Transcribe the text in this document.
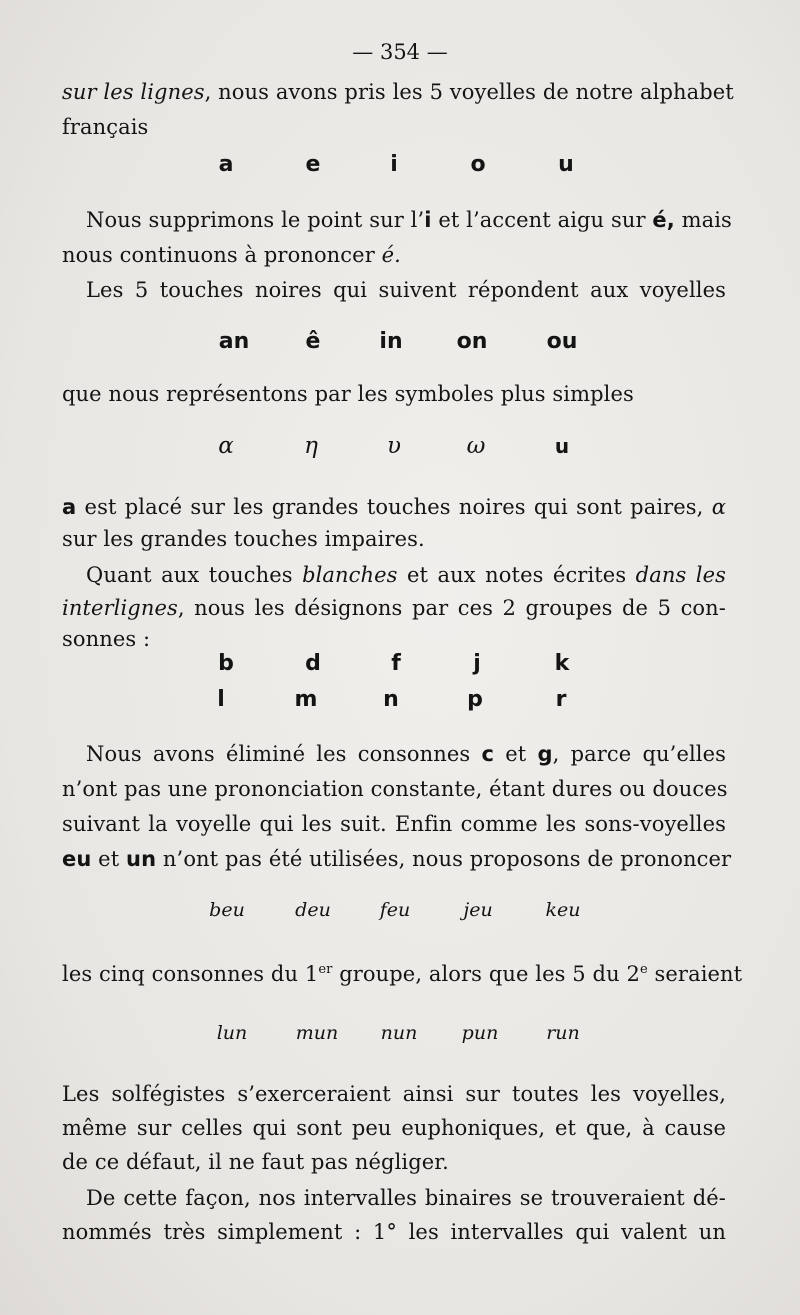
— 354 —
sur les lignes, nous avons pris les 5 voyelles de notre alphabet
français
a	e	i	o	u
Nous supprimons le point sur l’i et l’accent aigu sur é, mais
nous continuons à prononcer é.
Les 5 touches noires qui suivent répondent aux voyelles
an	ê	in on	ou
que nous représentons par les symboles plus simples
α	η	υ	ω	u
a est placé sur les grandes touches noires qui sont paires, α
sur les grandes touches impaires.
Quant aux touches blanches et aux notes écrites dans les
interlignes, nous les désignons par ces 2 groupes de 5 con-
sonnes :
b	d	f	j	k
l	m	n	p	r
Nous avons éliminé les consonnes c et g, parce qu’elles
n’ont pas une prononciation constante, étant dures ou douces
suivant la voyelle qui les suit. Enfin comme les sons-voyelles
eu et un n’ont pas été utilisées, nous proposons de prononcer
beu	deu	feu	jeu	keu
les cinq consonnes du 1er groupe, alors que les 5 du 2e seraient
lun	mun nun pun	run
Les solfégistes s’exerceraient ainsi sur toutes les voyelles,
même sur celles qui sont peu euphoniques, et que, à cause
de ce défaut, il ne faut pas négliger.
De cette façon, nos intervalles binaires se trouveraient dé-
nommés très simplement : 1° les intervalles qui valent un
